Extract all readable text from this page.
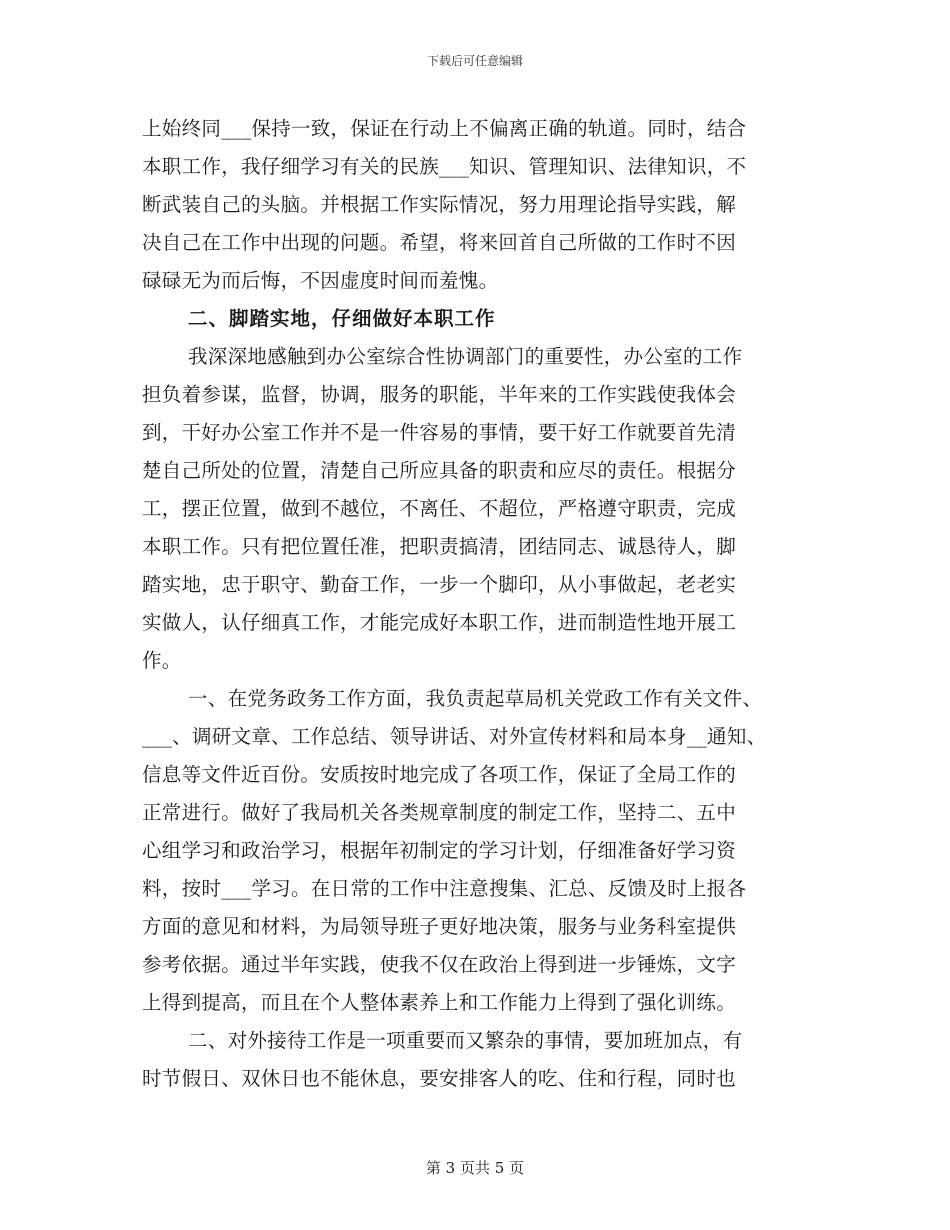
下载后可任意编辑
上始终同___保持一致，保证在行动上不偏离正确的轨道。同时，结合
本职工作，我仔细学习有关的民族___知识、管理知识、法律知识，不
断武装自己的头脑。并根据工作实际情况，努力用理论指导实践，解
决自己在工作中出现的问题。希望，将来回首自己所做的工作时不因
碌碌无为而后悔，不因虚度时间而羞愧。
二、脚踏实地，仔细做好本职工作
我深深地感触到办公室综合性协调部门的重要性，办公室的工作
担负着参谋，监督，协调，服务的职能，半年来的工作实践使我体会
到，干好办公室工作并不是一件容易的事情，要干好工作就要首先清
楚自己所处的位置，清楚自己所应具备的职责和应尽的责任。根据分
工，摆正位置，做到不越位，不离任、不超位，严格遵守职责，完成
本职工作。只有把位置任准，把职责搞清，团结同志、诚恳待人，脚
踏实地，忠于职守、勤奋工作，一步一个脚印，从小事做起，老老实
实做人，认仔细真工作，才能完成好本职工作，进而制造性地开展工
作。
一、在党务政务工作方面，我负责起草局机关党政工作有关文件、
___、调研文章、工作总结、领导讲话、对外宣传材料和局本身__通知、
信息等文件近百份。安质按时地完成了各项工作，保证了全局工作的
正常进行。做好了我局机关各类规章制度的制定工作，坚持二、五中
心组学习和政治学习，根据年初制定的学习计划，仔细准备好学习资
料，按时___学习。在日常的工作中注意搜集、汇总、反馈及时上报各
方面的意见和材料，为局领导班子更好地决策，服务与业务科室提供
参考依据。通过半年实践，使我不仅在政治上得到进一步锤炼，文字
上得到提高，而且在个人整体素养上和工作能力上得到了强化训练。
二、对外接待工作是一项重要而又繁杂的事情，要加班加点，有
时节假日、双休日也不能休息，要安排客人的吃、住和行程，同时也
第 3 页共 5 页
